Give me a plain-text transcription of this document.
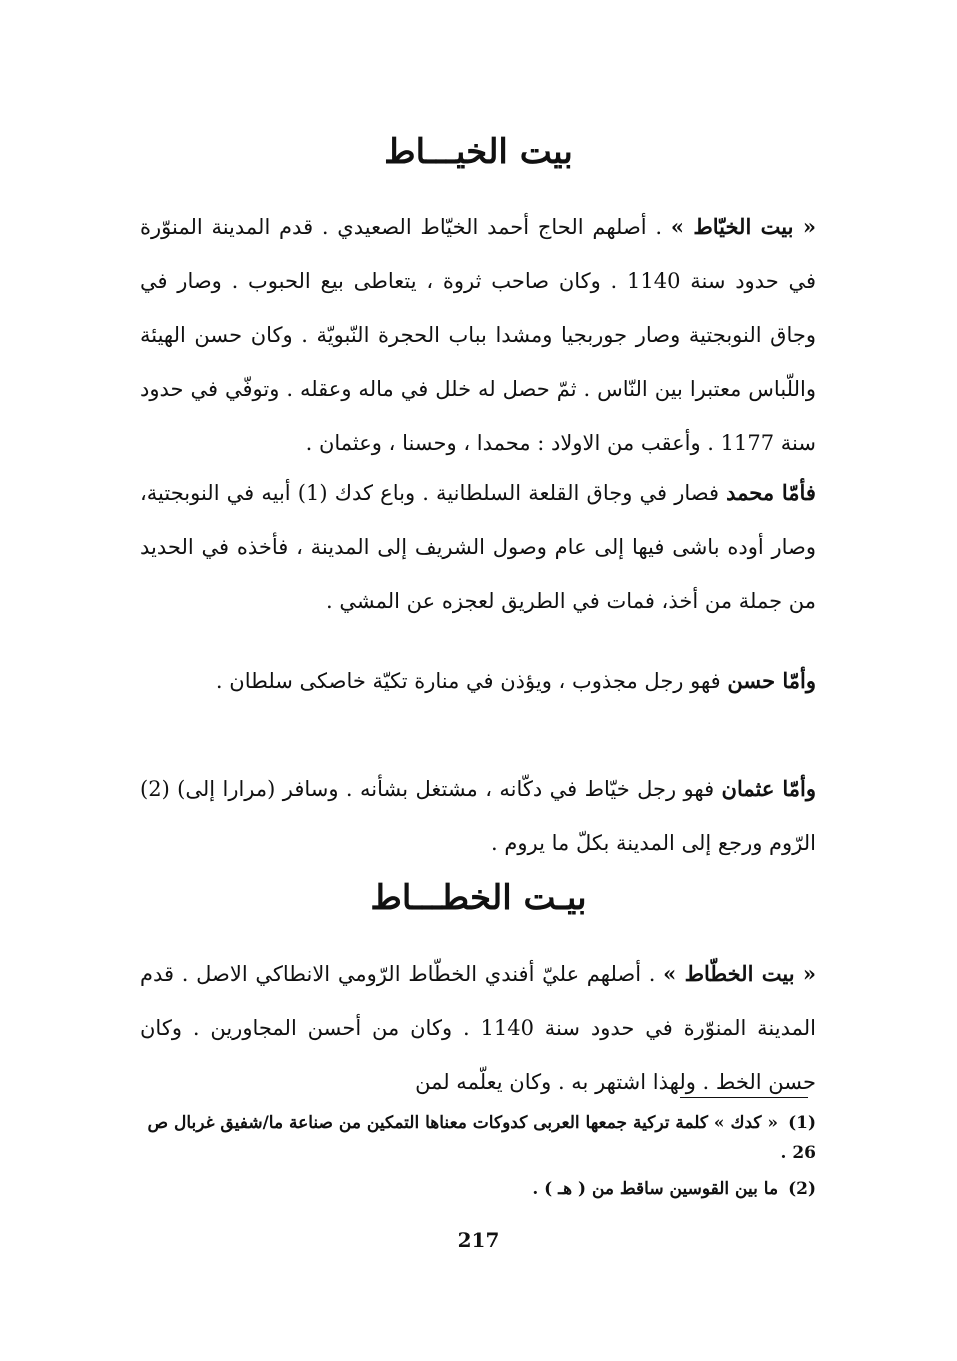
بيت الخيـــاط
« بيت الخيّاط » . أصلهم الحاج أحمد الخيّاط الصعيدي . قدم المدينة المنوّرة في حدود سنة 1140 . وكان صاحب ثروة ، يتعاطى بيع الحبوب . وصار في وجاق النوبجتية وصار جوربجيا ومشدا بباب الحجرة النّبويّة . وكان حسن الهيئة واللّباس معتبرا بين النّاس . ثمّ حصل له خلل في ماله وعقله . وتوفّي في حدود سنة 1177 . وأعقب من الاولاد : محمدا ، وحسنا ، وعثمان .
فأمّا محمد فصار في وجاق القلعة السلطانية . وباع كدك (1) أبيه في النوبجتية، وصار أوده باشى فيها إلى عام وصول الشريف إلى المدينة ، فأخذه في الحديد من جملة من أخذ، فمات في الطريق لعجزه عن المشي .
وأمّا حسن فهو رجل مجذوب ، ويؤذن في منارة تكيّة خاصكى سلطان .
وأمّا عثمان فهو رجل خيّاط في دكّانه ، مشتغل بشأنه . وسافر (مرارا إلى) (2) الرّوم ورجع إلى المدينة بكلّ ما يروم .
بيـت الخطـــاط
« بيت الخطّاط » . أصلهم عليّ أفندي الخطّاط الرّومي الانطاكي الاصل . قدم المدينة المنوّرة في حدود سنة 1140 . وكان من أحسن المجاورين . وكان حسن الخط . ولهذا اشتهر به . وكان يعلّمه لمن
(1)« كدك » كلمة تركية جمعها العربى كدوكات معناها التمكين من صناعة ما/شفيق غربال ص 26 .
(2)ما بين القوسين ساقط من ( هـ ) .
217
